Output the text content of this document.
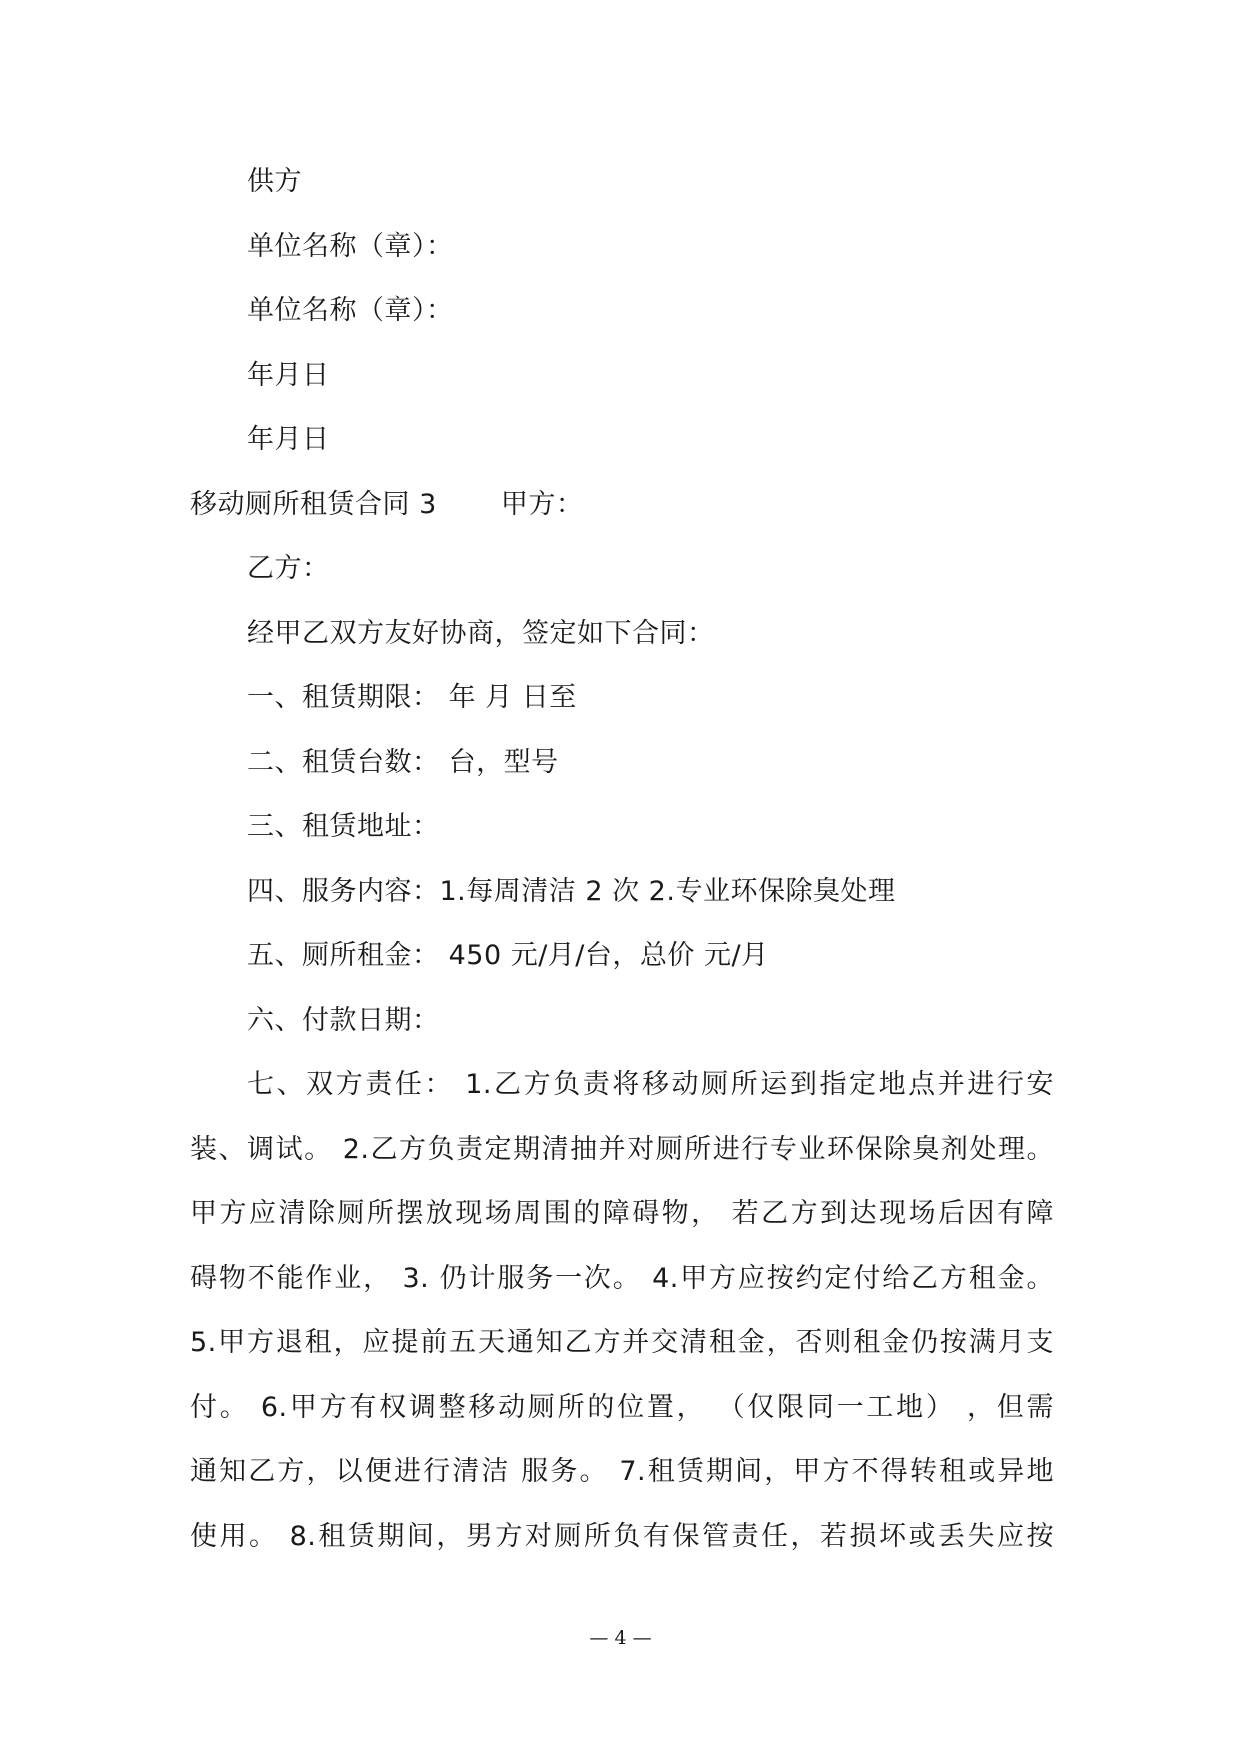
供方
单位名称（章）：
单位名称（章）：
年月日
年月日
移动厕所租赁合同 3　　 甲方：
乙方：
经甲乙双方友好协商，签定如下合同：
一、租赁期限： 年 月 日至
二、租赁台数： 台，型号
三、租赁地址：
四、服务内容：1.每周清洁 2 次 2.专业环保除臭处理
五、厕所租金： 450 元/月/台，总价 元/月
六、付款日期：
七、双方责任： 1.乙方负责将移动厕所运到指定地点并进行安
装、调试。 2.乙方负责定期清抽并对厕所进行专业环保除臭剂处理。
甲方应清除厕所摆放现场周围的障碍物， 若乙方到达现场后因有障
碍物不能作业， 3. 仍计服务一次。 4.甲方应按约定付给乙方租金。
5.甲方退租，应提前五天通知乙方并交清租金，否则租金仍按满月支
付。 6.甲方有权调整移动厕所的位置， （仅限同一工地） ，但需
通知乙方，以便进行清洁 服务。 7.租赁期间，甲方不得转租或异地
使用。 8.租赁期间，男方对厕所负有保管责任，若损坏或丢失应按
— 4 —
